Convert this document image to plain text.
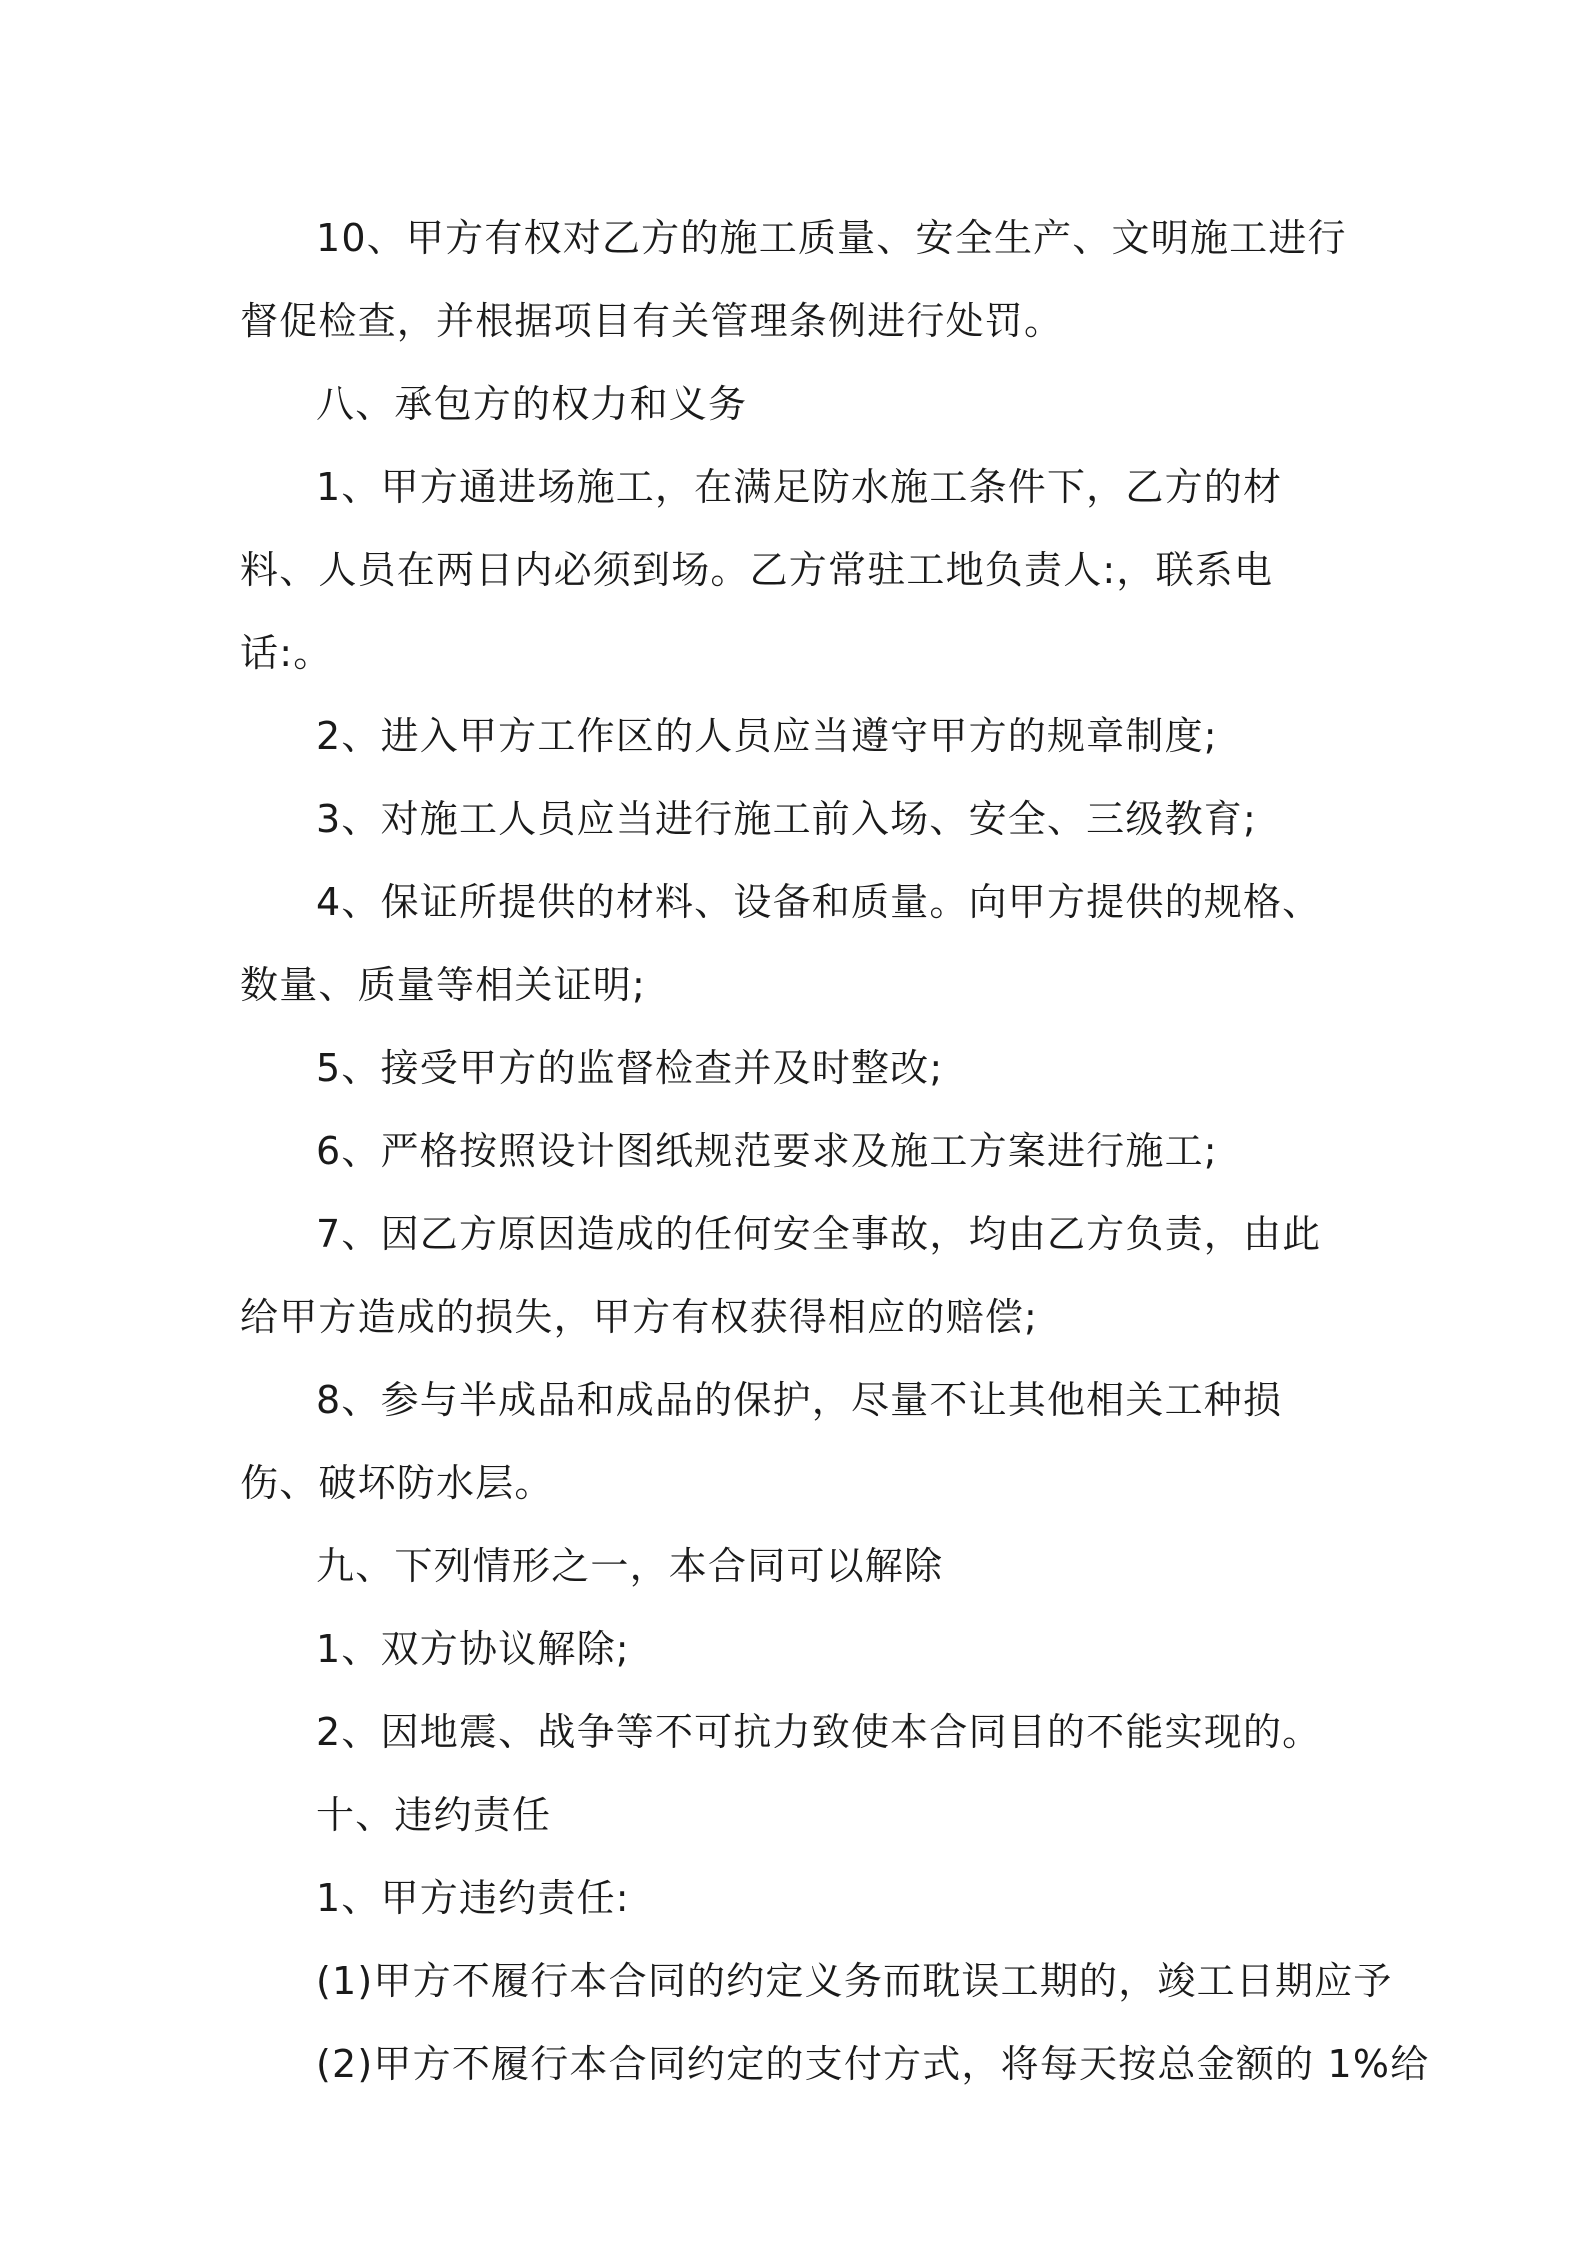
10、甲方有权对乙方的施工质量、安全生产、文明施工进行督促检查，并根据项目有关管理条例进行处罚。

八、承包方的权力和义务

1、甲方通进场施工，在满足防水施工条件下，乙方的材料、人员在两日内必须到场。乙方常驻工地负责人:，联系电话:。

2、进入甲方工作区的人员应当遵守甲方的规章制度;

3、对施工人员应当进行施工前入场、安全、三级教育;

4、保证所提供的材料、设备和质量。向甲方提供的规格、数量、质量等相关证明;

5、接受甲方的监督检查并及时整改;

6、严格按照设计图纸规范要求及施工方案进行施工;

7、因乙方原因造成的任何安全事故，均由乙方负责，由此给甲方造成的损失，甲方有权获得相应的赔偿;

8、参与半成品和成品的保护，尽量不让其他相关工种损伤、破坏防水层。

九、下列情形之一，本合同可以解除

1、双方协议解除;

2、因地震、战争等不可抗力致使本合同目的不能实现的。

十、违约责任

1、甲方违约责任:

(1)甲方不履行本合同的约定义务而耽误工期的，竣工日期应予

(2)甲方不履行本合同约定的支付方式，将每天按总金额的 1%给
